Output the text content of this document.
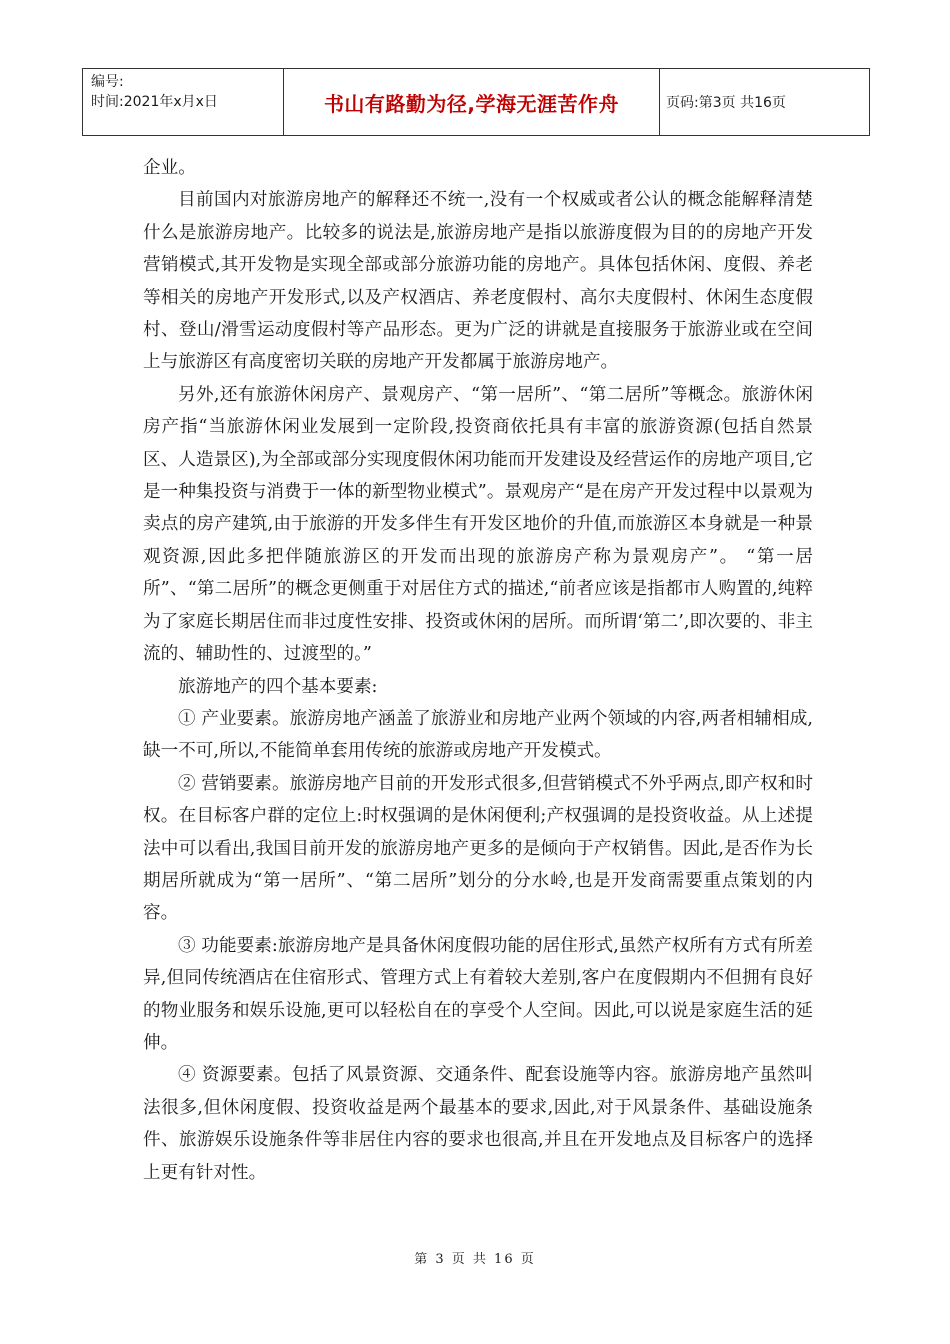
编号:
时间:2021年x月x日	书山有路勤为径,学海无涯苦作舟	页码:第3页 共16页

企业。

目前国内对旅游房地产的解释还不统一,没有一个权威或者公认的概念能解释清楚什么是旅游房地产。比较多的说法是,旅游房地产是指以旅游度假为目的的房地产开发营销模式,其开发物是实现全部或部分旅游功能的房地产。具体包括休闲、度假、养老等相关的房地产开发形式,以及产权酒店、养老度假村、高尔夫度假村、休闲生态度假村、登山/滑雪运动度假村等产品形态。更为广泛的讲就是直接服务于旅游业或在空间上与旅游区有高度密切关联的房地产开发都属于旅游房地产。

另外,还有旅游休闲房产、景观房产、“第一居所”、“第二居所”等概念。旅游休闲房产指“当旅游休闲业发展到一定阶段,投资商依托具有丰富的旅游资源(包括自然景区、人造景区),为全部或部分实现度假休闲功能而开发建设及经营运作的房地产项目,它是一种集投资与消费于一体的新型物业模式”。景观房产“是在房产开发过程中以景观为卖点的房产建筑,由于旅游的开发多伴生有开发区地价的升值,而旅游区本身就是一种景观资源,因此多把伴随旅游区的开发而出现的旅游房产称为景观房产”。 “第一居所”、“第二居所”的概念更侧重于对居住方式的描述,“前者应该是指都市人购置的,纯粹为了家庭长期居住而非过度性安排、投资或休闲的居所。而所谓‘第二’,即次要的、非主流的、辅助性的、过渡型的。”

旅游地产的四个基本要素:

① 产业要素。旅游房地产涵盖了旅游业和房地产业两个领域的内容,两者相辅相成,缺一不可,所以,不能简单套用传统的旅游或房地产开发模式。

② 营销要素。旅游房地产目前的开发形式很多,但营销模式不外乎两点,即产权和时权。在目标客户群的定位上:时权强调的是休闲便利;产权强调的是投资收益。从上述提法中可以看出,我国目前开发的旅游房地产更多的是倾向于产权销售。因此,是否作为长期居所就成为“第一居所”、“第二居所”划分的分水岭,也是开发商需要重点策划的内容。

③ 功能要素:旅游房地产是具备休闲度假功能的居住形式,虽然产权所有方式有所差异,但同传统酒店在住宿形式、管理方式上有着较大差别,客户在度假期内不但拥有良好的物业服务和娱乐设施,更可以轻松自在的享受个人空间。因此,可以说是家庭生活的延伸。

④ 资源要素。包括了风景资源、交通条件、配套设施等内容。旅游房地产虽然叫法很多,但休闲度假、投资收益是两个最基本的要求,因此,对于风景条件、基础设施条件、旅游娱乐设施条件等非居住内容的要求也很高,并且在开发地点及目标客户的选择上更有针对性。

第 3 页 共 16 页
